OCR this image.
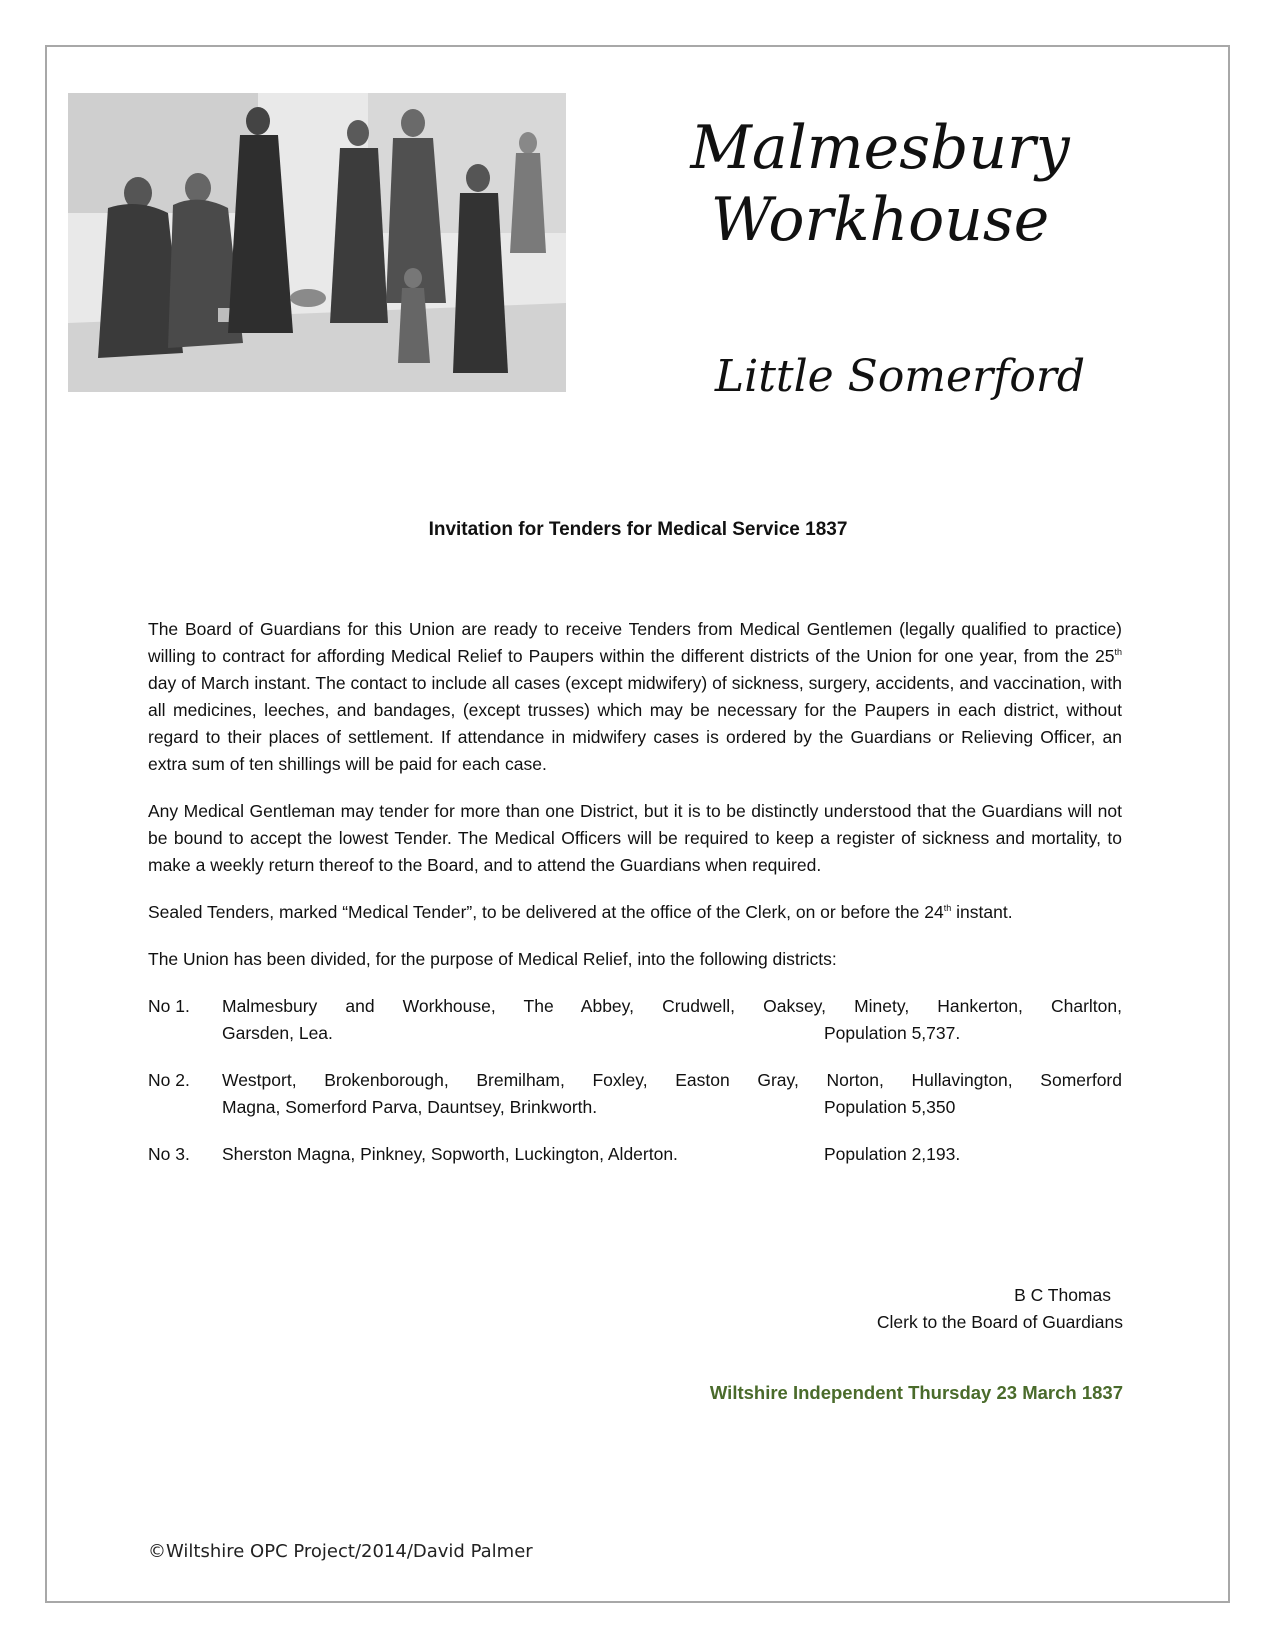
Malmesbury
Workhouse
Little Somerford
Invitation for Tenders for Medical Service 1837

The Board of Guardians for this Union are ready to receive Tenders from Medical Gentlemen (legally qualified to practice) willing to contract for affording Medical Relief to Paupers within the different districts of the Union for one year, from the 25th day of March instant. The contact to include all cases (except midwifery) of sickness, surgery, accidents, and vaccination, with all medicines, leeches, and bandages, (except trusses) which may be necessary for the Paupers in each district, without regard to their places of settlement. If attendance in midwifery cases is ordered by the Guardians or Relieving Officer, an extra sum of ten shillings will be paid for each case.

Any Medical Gentleman may tender for more than one District, but it is to be distinctly understood that the Guardians will not be bound to accept the lowest Tender. The Medical Officers will be required to keep a register of sickness and mortality, to make a weekly return thereof to the Board, and to attend the Guardians when required.

Sealed Tenders, marked “Medical Tender”, to be delivered at the office of the Clerk, on or before the 24th instant.

The Union has been divided, for the purpose of Medical Relief, into the following districts:

No 1.	Malmesbury and Workhouse, The Abbey, Crudwell, Oaksey, Minety, Hankerton, Charlton,
Garsden, Lea.	Population 5,737.
No 2.	Westport, Brokenborough, Bremilham, Foxley, Easton Gray, Norton, Hullavington, Somerford
Magna, Somerford Parva, Dauntsey, Brinkworth.	Population 5,350
No 3.	Sherston Magna, Pinkney, Sopworth, Luckington, Alderton.	Population 2,193.
B C Thomas
Clerk to the Board of Guardians
Wiltshire Independent Thursday 23 March 1837
©Wiltshire OPC Project/2014/David Palmer
